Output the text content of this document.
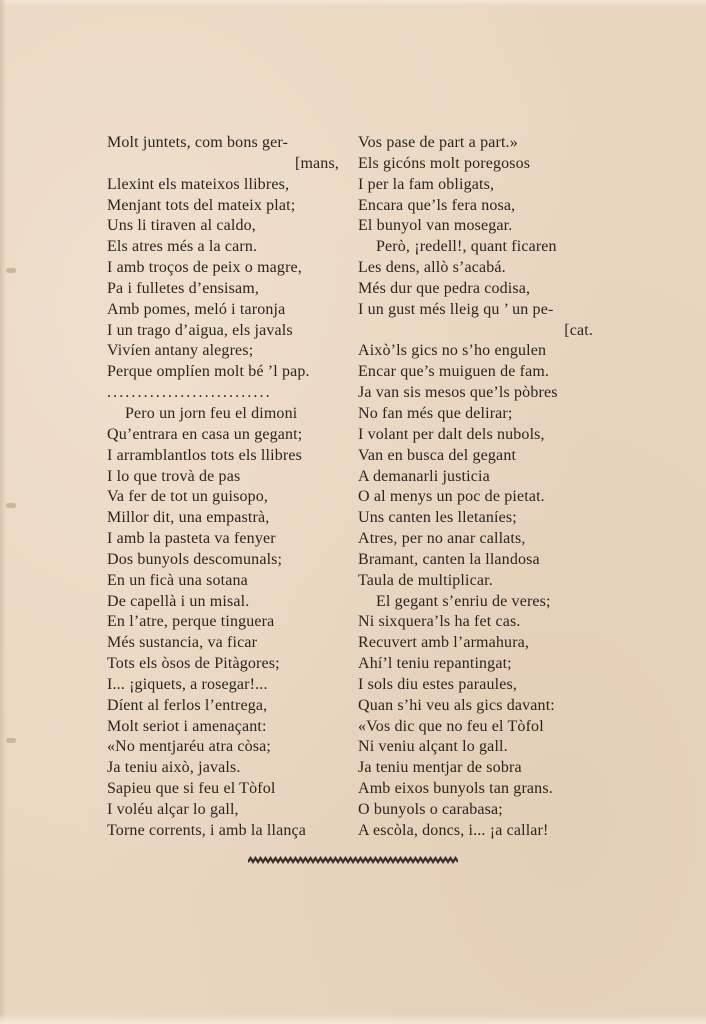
Molt juntets, com bons ger-
[mans,
Llexint els mateixos llibres,
Menjant tots del mateix plat;
Uns li tiraven al caldo,
Els atres més a la carn.
I amb troços de peix o magre,
Pa i fulletes d’ensisam,
Amb pomes, meló i taronja
I un trago d’aigua, els javals
Vivíen antany alegres;
Perque omplíen molt bé ’l pap.
...........................
Pero un jorn feu el dimoni
Qu’entrara en casa un gegant;
I arramblantlos tots els llibres
I lo que trovà de pas
Va fer de tot un guisopo,
Millor dit, una empastrà,
I amb la pasteta va fenyer
Dos bunyols descomunals;
En un ficà una sotana
De capellà i un misal.
En l’atre, perque tinguera
Més sustancia, va ficar
Tots els òsos de Pitàgores;
I... ¡giquets, a rosegar!...
Díent al ferlos l’entrega,
Molt seriot i amenaçant:
«No mentjaréu atra còsa;
Ja teniu això, javals.
Sapieu que si feu el Tòfol
I voléu alçar lo gall,
Torne corrents, i amb la llança
Vos pase de part a part.»
Els gicóns molt poregosos
I per la fam obligats,
Encara que’ls fera nosa,
El bunyol van mosegar.
Però, ¡redell!, quant ficaren
Les dens, allò s’acabá.
Més dur que pedra codisa,
I un gust més lleig qu ’ un pe-
[cat.
Això’ls gics no s’ho engulen
Encar que’s muiguen de fam.
Ja van sis mesos que’ls pòbres
No fan més que delirar;
I volant per dalt dels nubols,
Van en busca del gegant
A demanarli justicia
O al menys un poc de pietat.
Uns canten les lletaníes;
Atres, per no anar callats,
Bramant, canten la llandosa
Taula de multiplicar.
El gegant s’enriu de veres;
Ni sixquera’ls ha fet cas.
Recuvert amb l’armahura,
Ahí’l teniu repantingat;
I sols diu estes paraules,
Quan s’hi veu als gics davant:
«Vos dic que no feu el Tòfol
Ni veniu alçant lo gall.
Ja teniu mentjar de sobra
Amb eixos bunyols tan grans.
O bunyols o carabasa;
A escòla, doncs, i... ¡a callar!
